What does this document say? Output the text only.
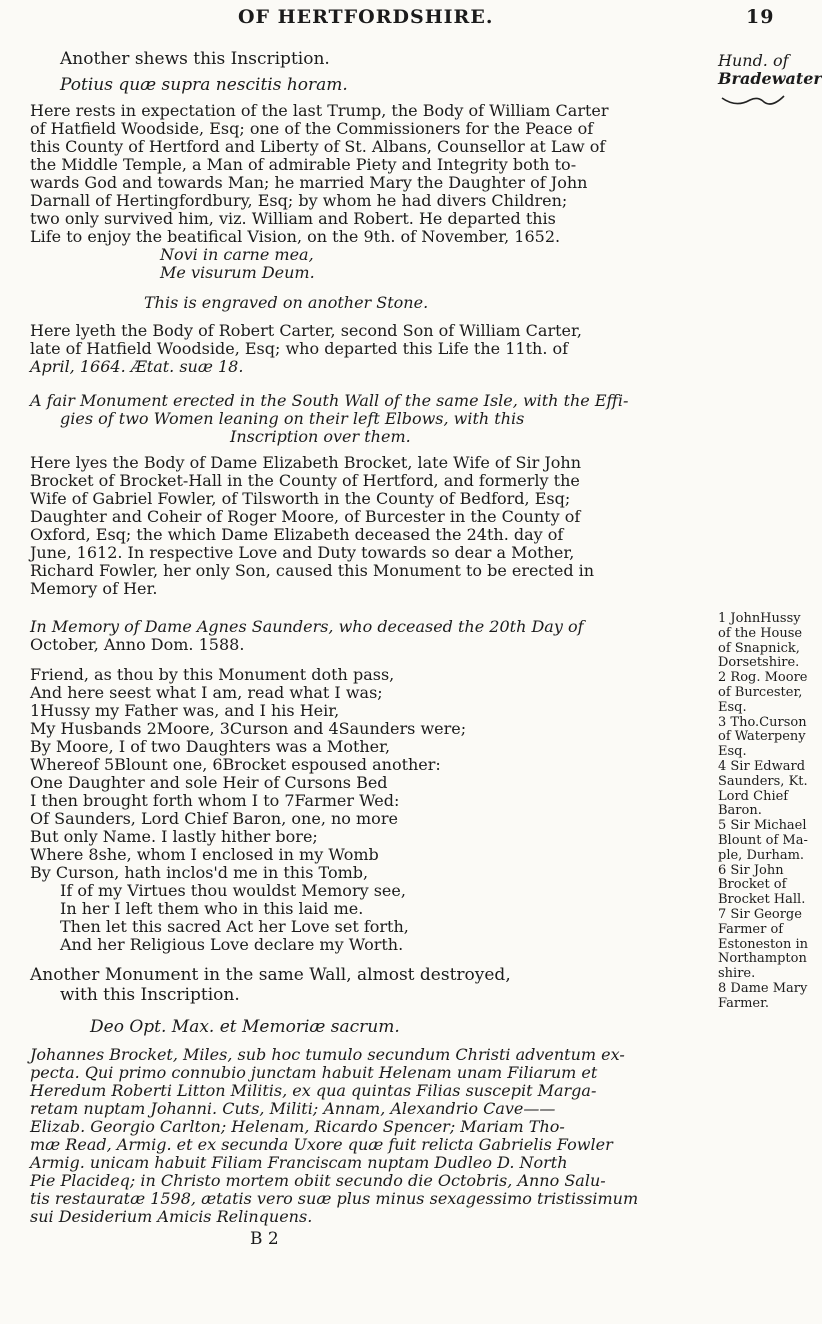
OF HERTFORDSHIRE.	19
Hund. of
Bradewater
Another shews this Inscription.
Potius quæ supra nescitis horam.
Here rests in expectation of the last Trump, the Body of William Carter
of Hatfield Woodside, Esq; one of the Commissioners for the Peace of
this County of Hertford and Liberty of St. Albans, Counsellor at Law of
the Middle Temple, a Man of admirable Piety and Integrity both to-
wards God and towards Man; he married Mary the Daughter of John
Darnall of Hertingfordbury, Esq; by whom he had divers Children;
two only survived him, viz. William and Robert. He departed this
Life to enjoy the beatifical Vision, on the 9th. of November, 1652.
Novi in carne mea,
Me visurum Deum.
This is engraved on another Stone.
Here lyeth the Body of Robert Carter, second Son of William Carter,
late of Hatfield Woodside, Esq; who departed this Life the 11th. of
April, 1664. Ætat. suæ 18.
A fair Monument erected in the South Wall of the same Isle, with the Effi-
gies of two Women leaning on their left Elbows, with this
Inscription over them.
Here lyes the Body of Dame Elizabeth Brocket, late Wife of Sir John
Brocket of Brocket-Hall in the County of Hertford, and formerly the
Wife of Gabriel Fowler, of Tilsworth in the County of Bedford, Esq;
Daughter and Coheir of Roger Moore, of Burcester in the County of
Oxford, Esq; the which Dame Elizabeth deceased the 24th. day of
June, 1612. In respective Love and Duty towards so dear a Mother,
Richard Fowler, her only Son, caused this Monument to be erected in
Memory of Her.
In Memory of Dame Agnes Saunders, who deceased the 20th Day of
October, Anno Dom. 1588.
Friend, as thou by this Monument doth pass,
And here seest what I am, read what I was;
1Hussy my Father was, and I his Heir,
My Husbands 2Moore, 3Curson and 4Saunders were;
By Moore, I of two Daughters was a Mother,
Whereof 5Blount one, 6Brocket espoused another:
One Daughter and sole Heir of Cursons Bed
I then brought forth whom I to 7Farmer Wed:
Of Saunders, Lord Chief Baron, one, no more
But only Name. I lastly hither bore;
Where 8she, whom I enclosed in my Womb
By Curson, hath inclos'd me in this Tomb,
If of my Virtues thou wouldst Memory see,
In her I left them who in this laid me.
Then let this sacred Act her Love set forth,
And her Religious Love declare my Worth.
Another Monument in the same Wall, almost destroyed,
with this Inscription.
Deo Opt. Max. et Memoriæ sacrum.
Johannes Brocket, Miles, sub hoc tumulo secundum Christi adventum ex-
pecta. Qui primo connubio junctam habuit Helenam unam Filiarum et
Heredum Roberti Litton Militis, ex qua quintas Filias suscepit Marga-
retam nuptam Johanni. Cuts, Militi; Annam, Alexandrio Cave——
Elizab. Georgio Carlton; Helenam, Ricardo Spencer; Mariam Tho-
mæ Read, Armig. et ex secunda Uxore quæ fuit relicta Gabrielis Fowler
Armig. unicam habuit Filiam Franciscam nuptam Dudleo D. North
Pie Placideq; in Christo mortem obiit secundo die Octobris, Anno Salu-
tis restauratæ 1598, ætatis vero suæ plus minus sexagessimo tristissimum
sui Desiderium Amicis Relinquens.
B 2
1 JohnHussy
of the House
of Snapnick,
Dorsetshire.
2 Rog. Moore
of Burcester,
Esq.
3 Tho.Curson
of Waterpeny
Esq.
4 Sir Edward
Saunders, Kt.
Lord Chief
Baron.
5 Sir Michael
Blount of Ma-
ple, Durham.
6 Sir John
Brocket of
Brocket Hall.
7 Sir George
Farmer of
Estoneston in
Northampton
shire.
8 Dame Mary
Farmer.
